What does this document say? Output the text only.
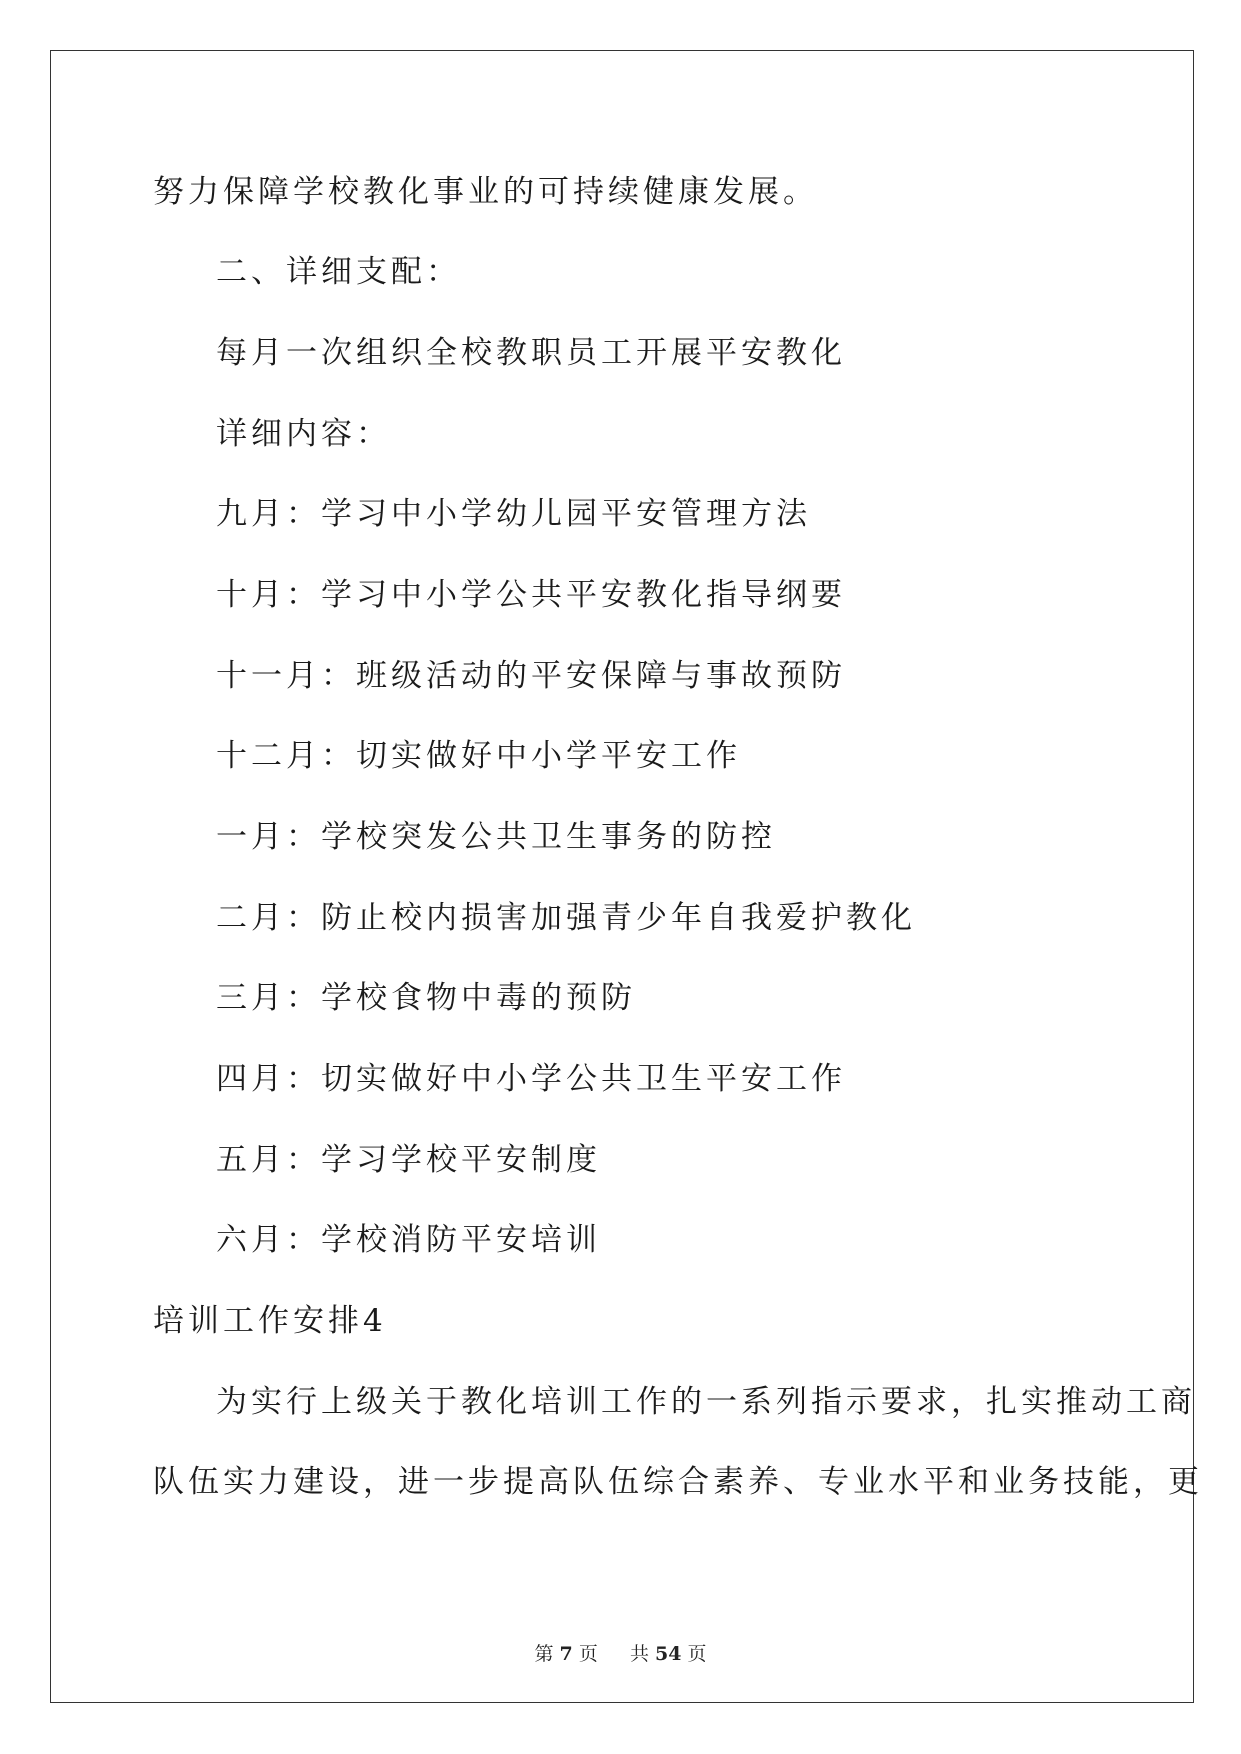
努力保障学校教化事业的可持续健康发展。
二、详细支配：
每月一次组织全校教职员工开展平安教化
详细内容：
九月：学习中小学幼儿园平安管理方法
十月：学习中小学公共平安教化指导纲要
十一月：班级活动的平安保障与事故预防
十二月：切实做好中小学平安工作
一月：学校突发公共卫生事务的防控
二月：防止校内损害加强青少年自我爱护教化
三月：学校食物中毒的预防
四月：切实做好中小学公共卫生平安工作
五月：学习学校平安制度
六月：学校消防平安培训
培训工作安排4
为实行上级关于教化培训工作的一系列指示要求，扎实推动工商
队伍实力建设，进一步提高队伍综合素养、专业水平和业务技能，更
第 7 页 共 54 页
